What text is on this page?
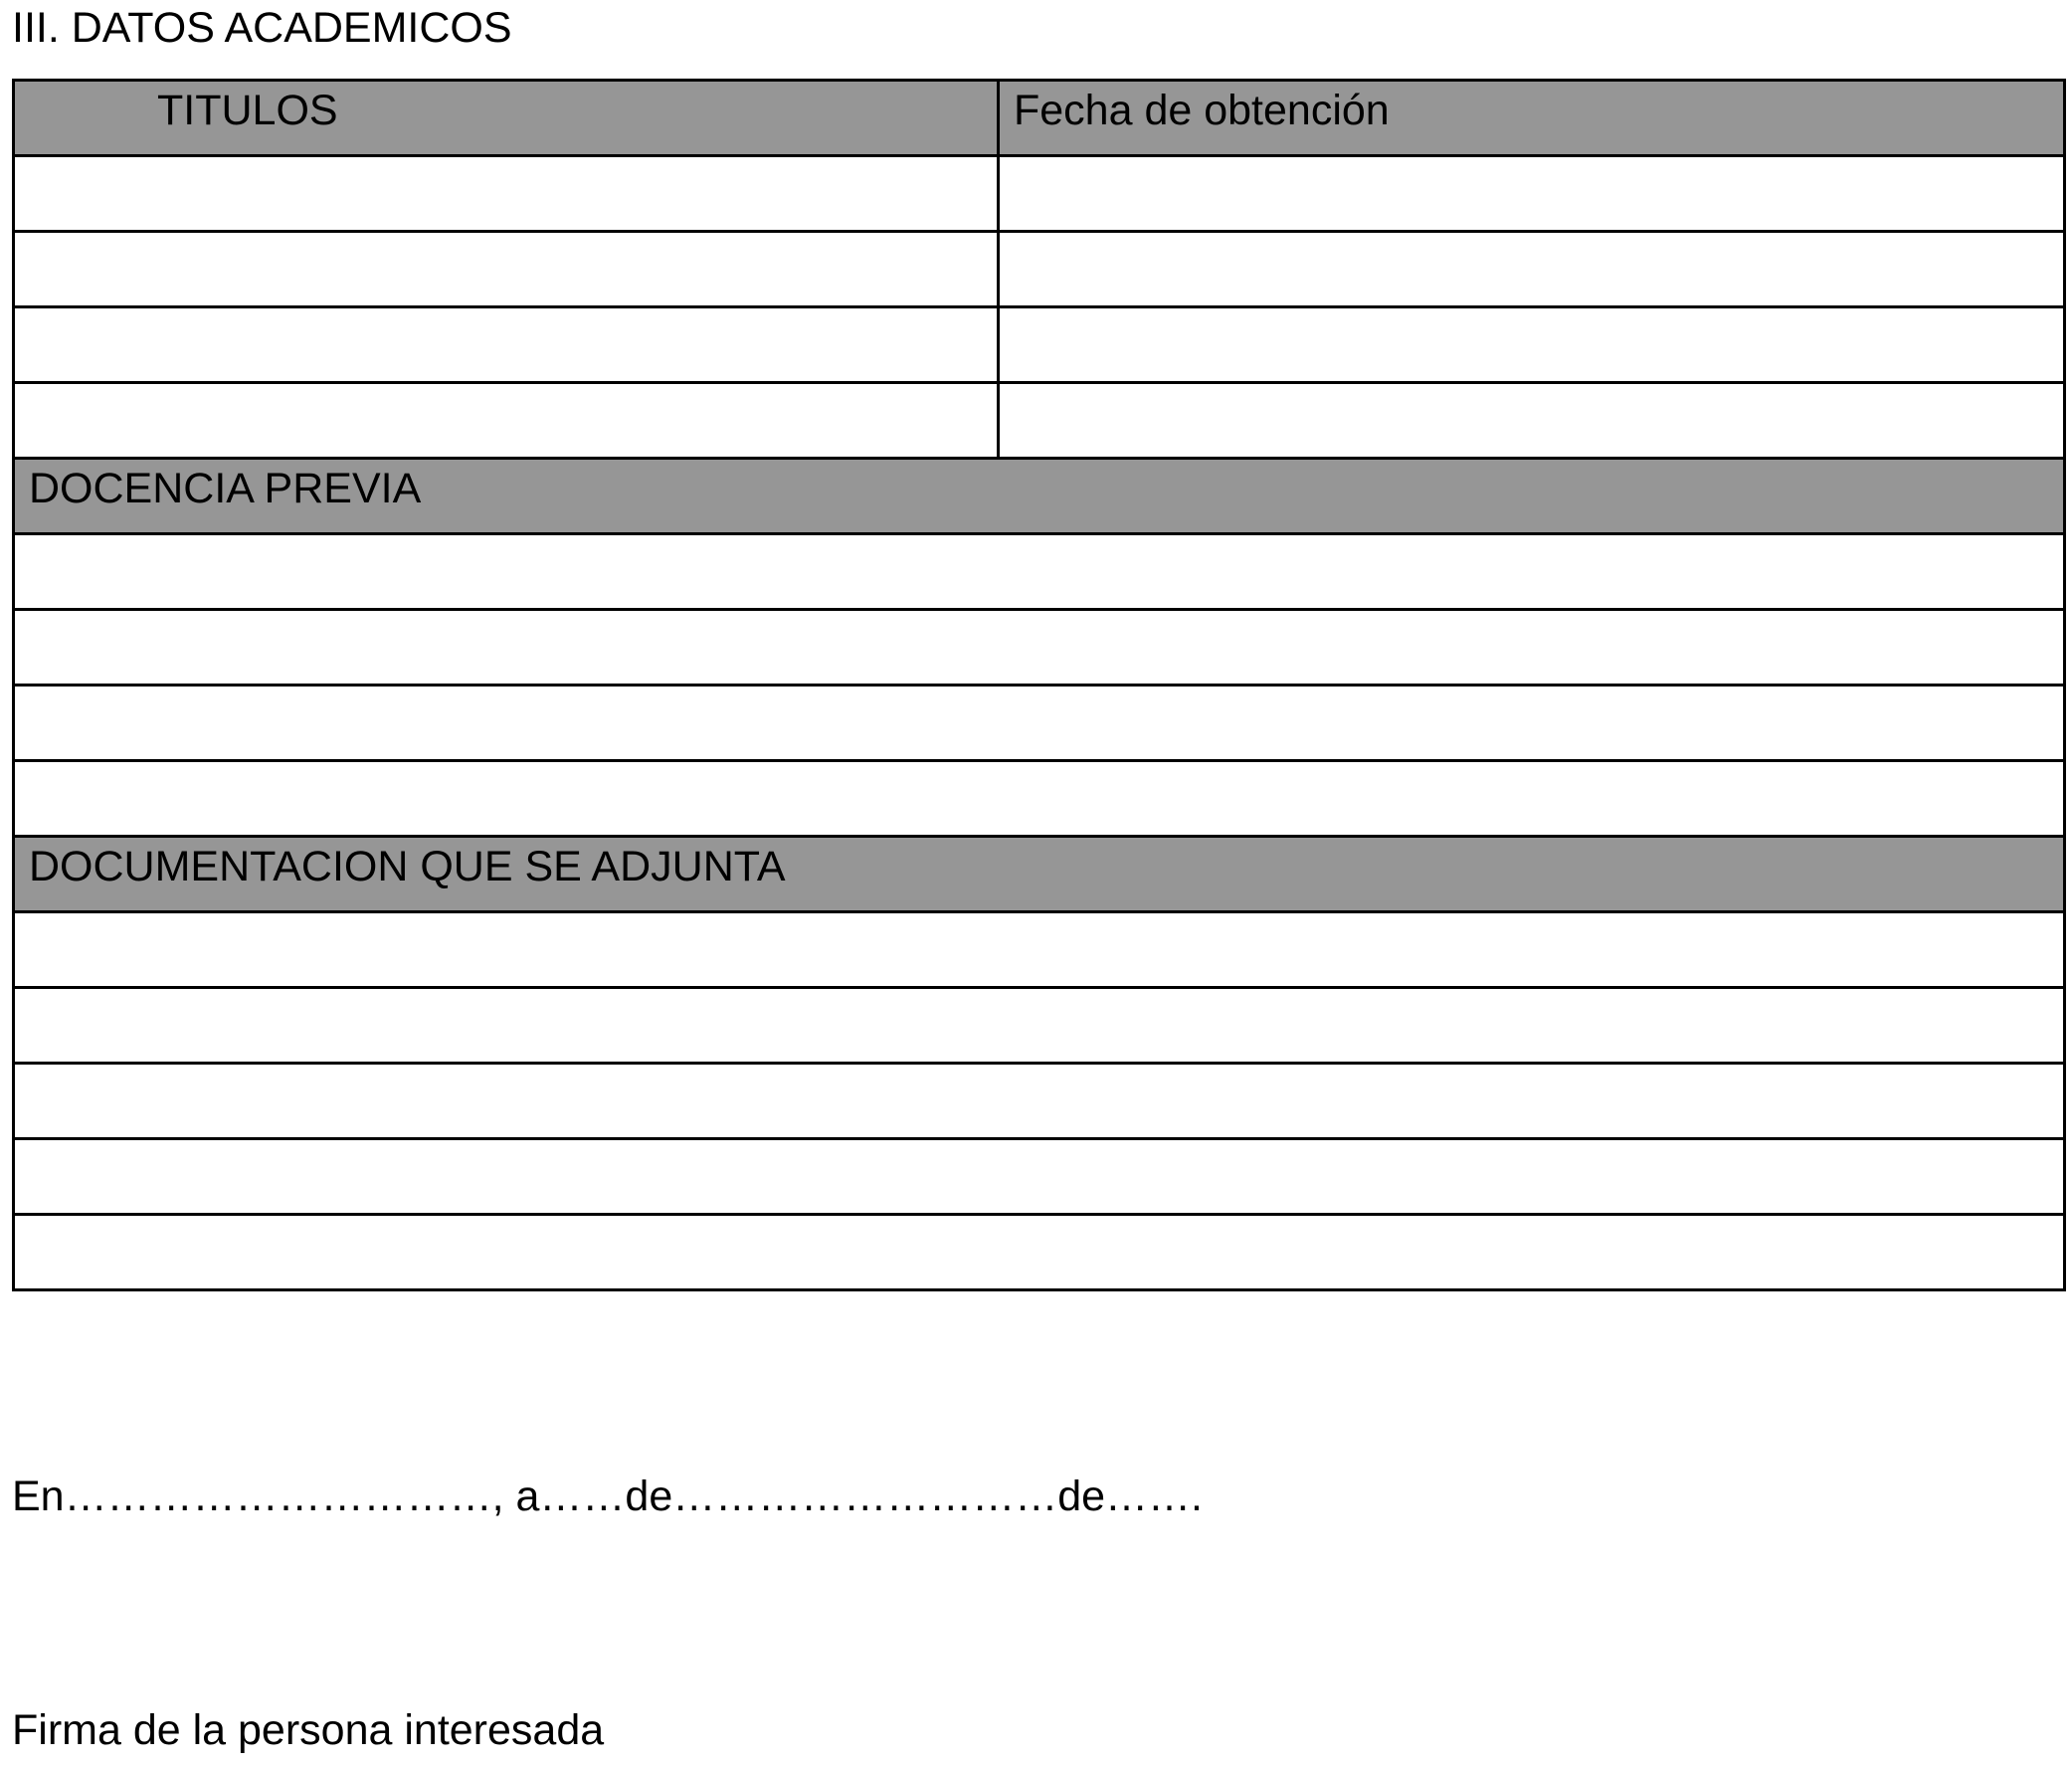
III. DATOS ACADEMICOS
TITULOS	Fecha de obtención

DOCENCIA PREVIA	

DOCUMENTACION QUE SE ADJUNTA	

En…………………………, a……de………………………de…….
Firma de la persona interesada
